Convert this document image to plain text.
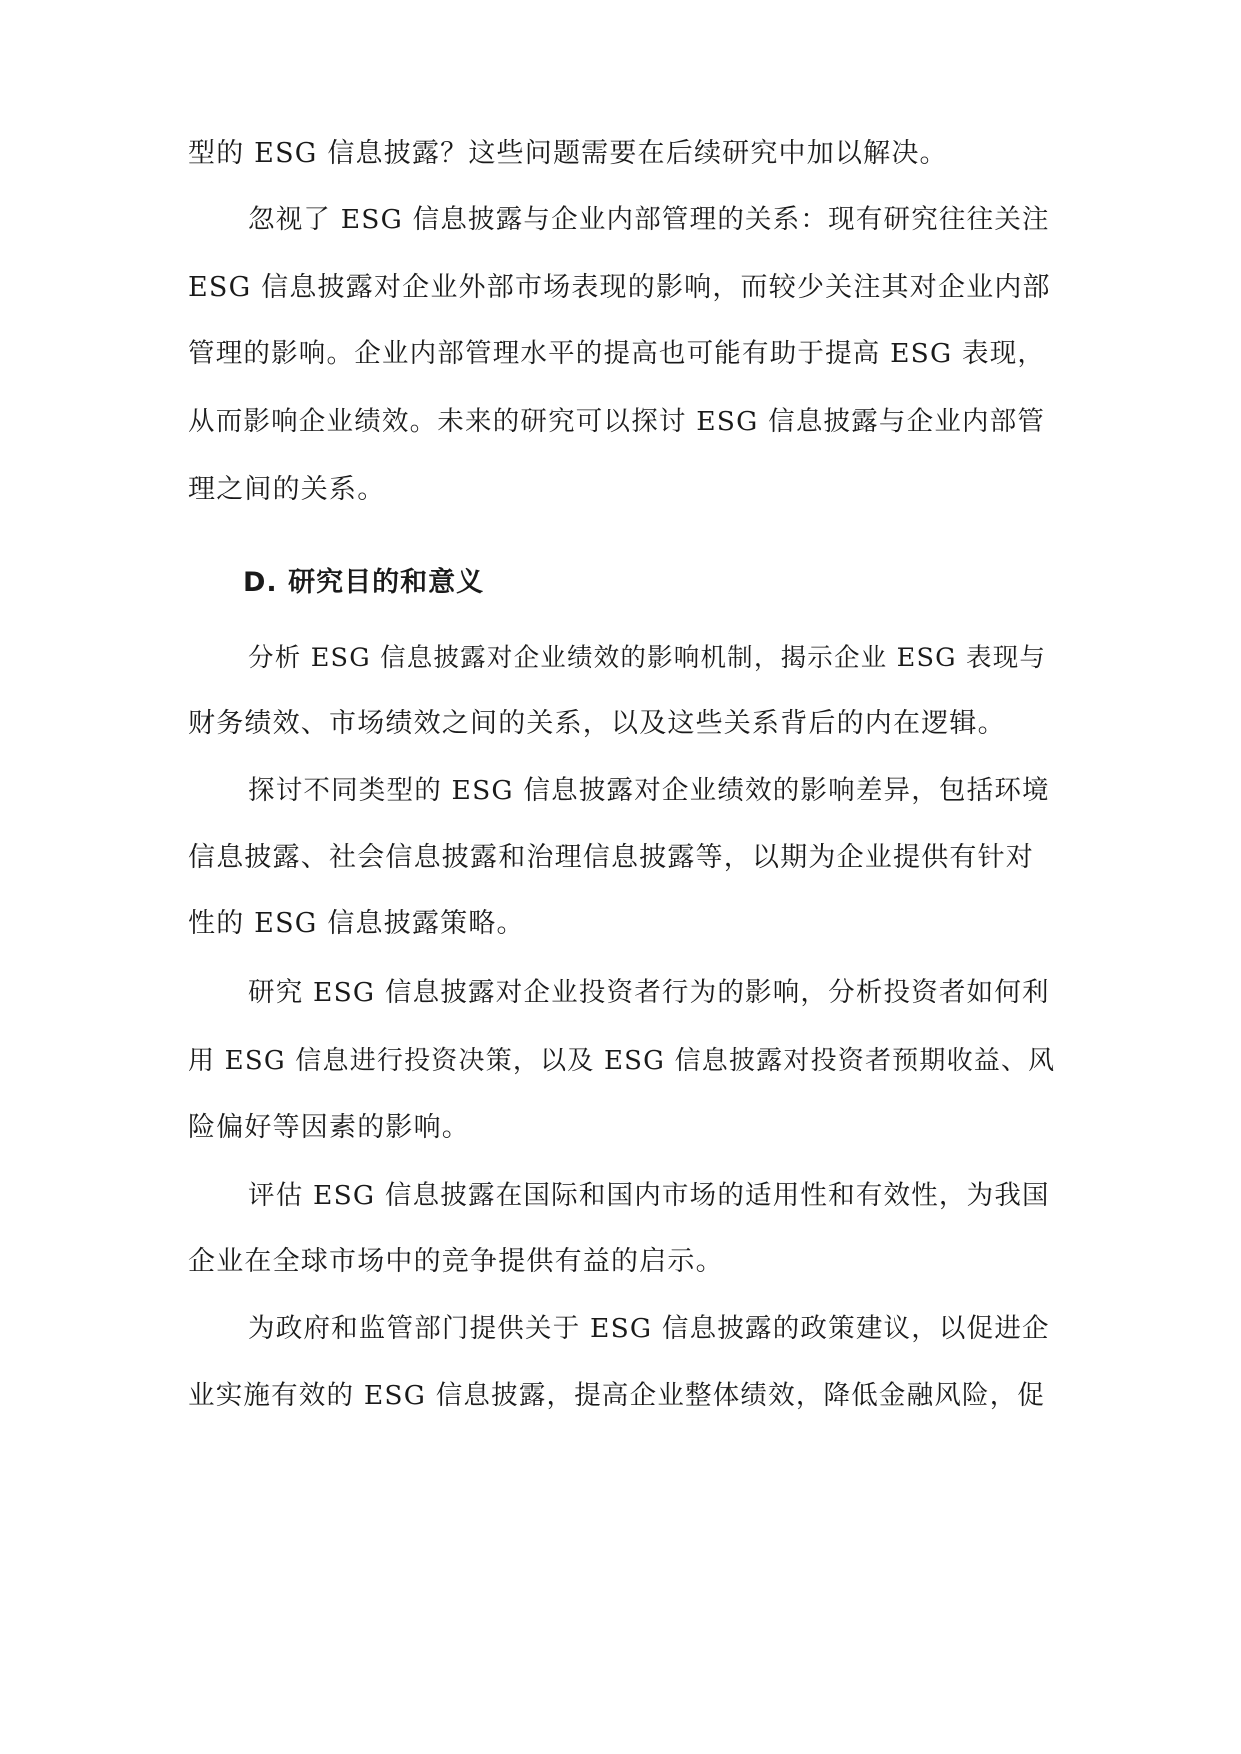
型的 ESG 信息披露？这些问题需要在后续研究中加以解决。
忽视了 ESG 信息披露与企业内部管理的关系：现有研究往往关注
ESG 信息披露对企业外部市场表现的影响，而较少关注其对企业内部
管理的影响。企业内部管理水平的提高也可能有助于提高 ESG 表现，
从而影响企业绩效。未来的研究可以探讨 ESG 信息披露与企业内部管
理之间的关系。
D. 研究目的和意义
分析 ESG 信息披露对企业绩效的影响机制，揭示企业 ESG 表现与
财务绩效、市场绩效之间的关系，以及这些关系背后的内在逻辑。
探讨不同类型的 ESG 信息披露对企业绩效的影响差异，包括环境
信息披露、社会信息披露和治理信息披露等，以期为企业提供有针对
性的 ESG 信息披露策略。
研究 ESG 信息披露对企业投资者行为的影响，分析投资者如何利
用 ESG 信息进行投资决策，以及 ESG 信息披露对投资者预期收益、风
险偏好等因素的影响。
评估 ESG 信息披露在国际和国内市场的适用性和有效性，为我国
企业在全球市场中的竞争提供有益的启示。
为政府和监管部门提供关于 ESG 信息披露的政策建议，以促进企
业实施有效的 ESG 信息披露，提高企业整体绩效，降低金融风险，促
